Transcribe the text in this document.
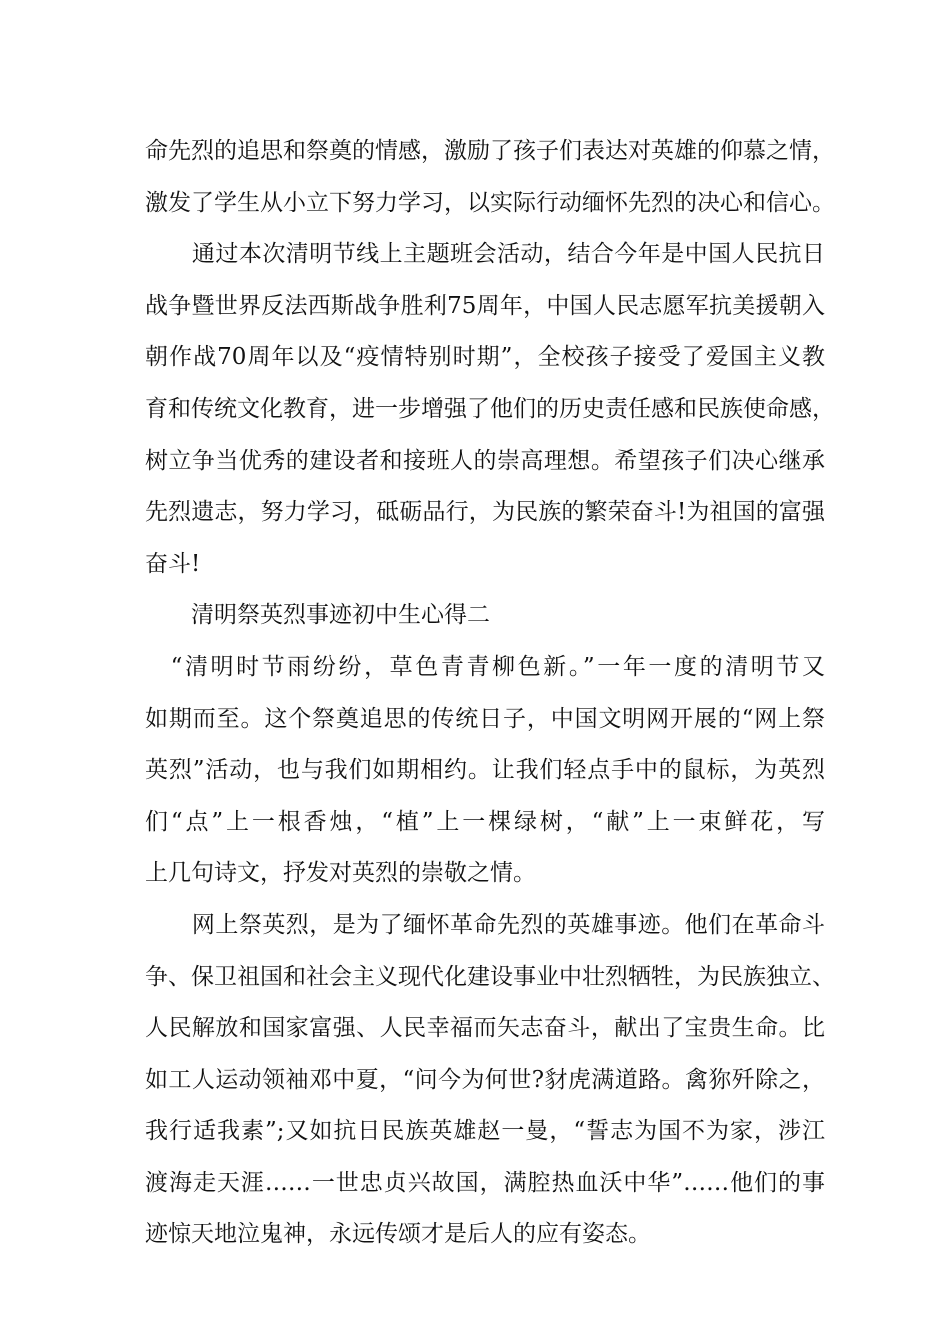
命先烈的追思和祭奠的情感，激励了孩子们表达对英雄的仰慕之情，
激发了学生从小立下努力学习，以实际行动缅怀先烈的决心和信心。
　　通过本次清明节线上主题班会活动，结合今年是中国人民抗日
战争暨世界反法西斯战争胜利75周年，中国人民志愿军抗美援朝入
朝作战70周年以及“疫情特别时期”，全校孩子接受了爱国主义教
育和传统文化教育，进一步增强了他们的历史责任感和民族使命感，
树立争当优秀的建设者和接班人的崇高理想。希望孩子们决心继承
先烈遗志，努力学习，砥砺品行，为民族的繁荣奋斗!为祖国的富强
奋斗!
　　清明祭英烈事迹初中生心得二
　“清明时节雨纷纷，草色青青柳色新。”一年一度的清明节又
如期而至。这个祭奠追思的传统日子，中国文明网开展的“网上祭
英烈”活动，也与我们如期相约。让我们轻点手中的鼠标，为英烈
们“点”上一根香烛，“植”上一棵绿树，“献”上一束鲜花，写
上几句诗文，抒发对英烈的崇敬之情。
　　网上祭英烈，是为了缅怀革命先烈的英雄事迹。他们在革命斗
争、保卫祖国和社会主义现代化建设事业中壮烈牺牲，为民族独立、
人民解放和国家富强、人民幸福而矢志奋斗，献出了宝贵生命。比
如工人运动领袖邓中夏，“问今为何世?豺虎满道路。禽狝歼除之，
我行适我素”;又如抗日民族英雄赵一曼，“誓志为国不为家，涉江
渡海走天涯……一世忠贞兴故国，满腔热血沃中华”……他们的事
迹惊天地泣鬼神，永远传颂才是后人的应有姿态。
